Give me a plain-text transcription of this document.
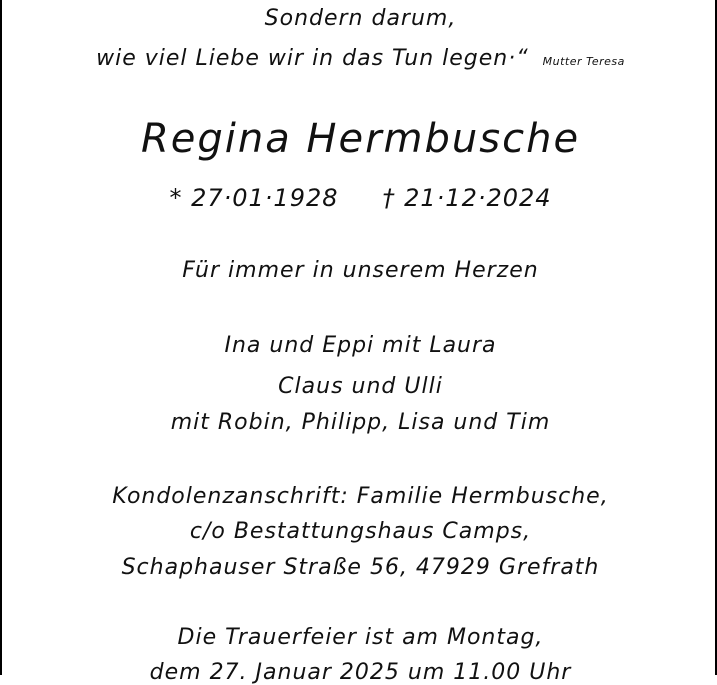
Sondern darum,
wie viel Liebe wir in das Tun legen·“ Mutter Teresa
Regina Hermbusche
* 27·01·1928 † 21·12·2024
Für immer in unserem Herzen
Ina und Eppi mit Laura
Claus und Ulli
mit Robin, Philipp, Lisa und Tim
Kondolenzanschrift: Familie Hermbusche,
c/o Bestattungshaus Camps,
Schaphauser Straße 56, 47929 Grefrath
Die Trauerfeier ist am Montag,
dem 27. Januar 2025 um 11.00 Uhr
